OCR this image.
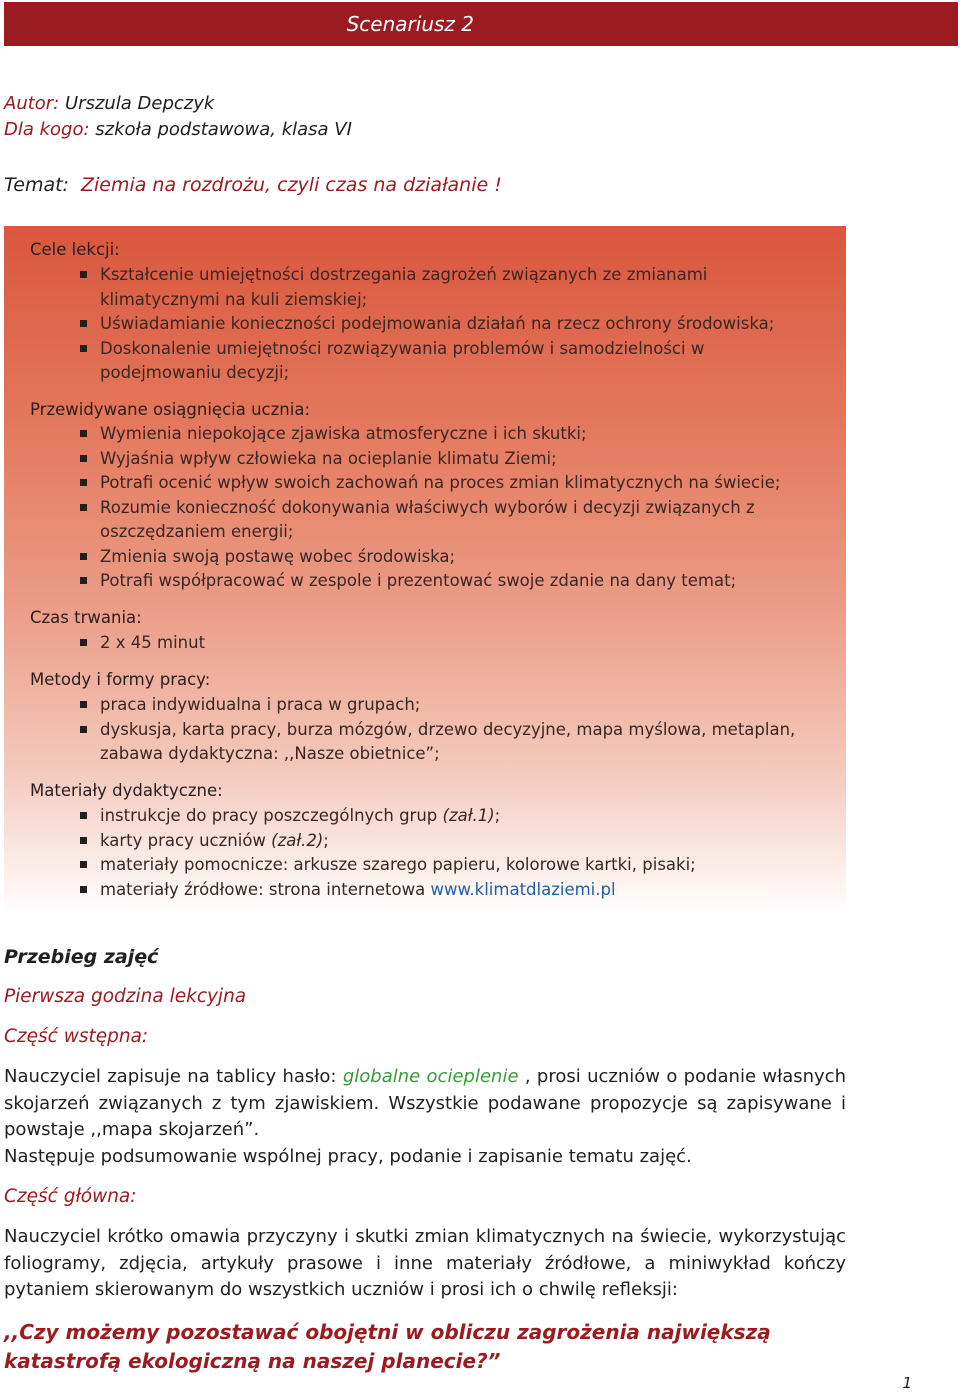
Scenariusz 2
Autor: Urszula Depczyk
Dla kogo: szkoła podstawowa, klasa VI
Temat: Ziemia na rozdrożu, czyli czas na działanie !
Cele lekcji:
Kształcenie umiejętności dostrzegania zagrożeń związanych ze zmianami klimatycznymi na kuli ziemskiej;
Uświadamianie konieczności podejmowania działań na rzecz ochrony środowiska;
Doskonalenie umiejętności rozwiązywania problemów i samodzielności w podejmowaniu decyzji;
Przewidywane osiągnięcia ucznia:
Wymienia niepokojące zjawiska atmosferyczne i ich skutki;
Wyjaśnia wpływ człowieka na ocieplanie klimatu Ziemi;
Potrafi ocenić wpływ swoich zachowań na proces zmian klimatycznych na świecie;
Rozumie konieczność dokonywania właściwych wyborów i decyzji związanych z oszczędzaniem energii;
Zmienia swoją postawę wobec środowiska;
Potrafi współpracować w zespole i prezentować swoje zdanie na dany temat;
Czas trwania:
2 x 45 minut
Metody i formy pracy:
praca indywidualna i praca w grupach;
dyskusja, karta pracy, burza mózgów, drzewo decyzyjne, mapa myślowa, metaplan, zabawa dydaktyczna: ,,Nasze obietnice”;
Materiały dydaktyczne:
instrukcje do pracy poszczególnych grup (zał.1);
karty pracy uczniów (zał.2);
materiały pomocnicze: arkusze szarego papieru, kolorowe kartki, pisaki;
materiały źródłowe: strona internetowa www.klimatdlaziemi.pl
Przebieg zajęć
Pierwsza godzina lekcyjna
Część wstępna:
Nauczyciel zapisuje na tablicy hasło: globalne ocieplenie , prosi uczniów o podanie własnych skojarzeń związanych z tym zjawiskiem. Wszystkie podawane propozycje są zapisywane i powstaje ,,mapa skojarzeń”.
Następuje podsumowanie wspólnej pracy, podanie i zapisanie tematu zajęć.
Część główna:
Nauczyciel krótko omawia przyczyny i skutki zmian klimatycznych na świecie, wykorzystując foliogramy, zdjęcia, artykuły prasowe i inne materiały źródłowe, a miniwykład kończy pytaniem skierowanym do wszystkich uczniów i prosi ich o chwilę refleksji:
,,Czy możemy pozostawać obojętni w obliczu zagrożenia największą katastrofą ekologiczną na naszej planecie?”
1
